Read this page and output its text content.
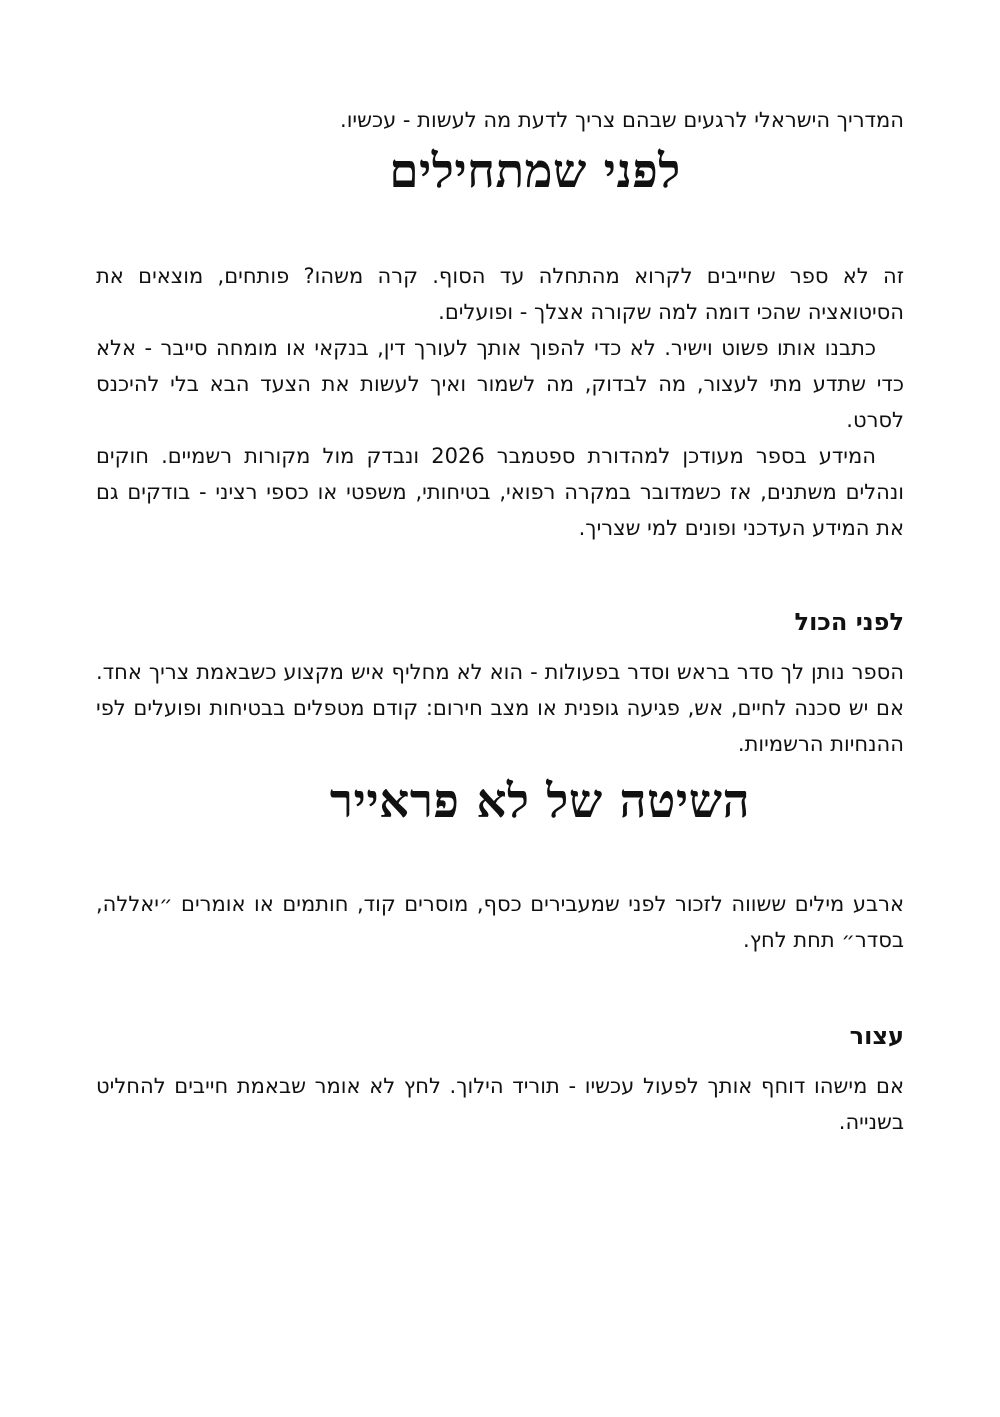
המדריך הישראלי לרגעים שבהם צריך לדעת מה לעשות - עכשיו.

לפני שמתחילים

זה לא ספר שחייבים לקרוא מהתחלה עד הסוף. קרה משהו? פותחים, מוצאים את הסיטואציה שהכי דומה למה שקורה אצלך - ופועלים.

כתבנו אותו פשוט וישיר. לא כדי להפוך אותך לעורך דין, בנקאי או מומחה סייבר - אלא כדי שתדע מתי לעצור, מה לבדוק, מה לשמור ואיך לעשות את הצעד הבא בלי להיכנס לסרט.

המידע בספר מעודכן למהדורת ספטמבר 2026 ונבדק מול מקורות רשמיים. חוקים ונהלים משתנים, אז כשמדובר במקרה רפואי, בטיחותי, משפטי או כספי רציני - בודקים גם את המידע העדכני ופונים למי שצריך.

לפני הכול

הספר נותן לך סדר בראש וסדר בפעולות - הוא לא מחליף איש מקצוע כשבאמת צריך אחד. אם יש סכנה לחיים, אש, פגיעה גופנית או מצב חירום: קודם מטפלים בבטיחות ופועלים לפי ההנחיות הרשמיות.

השיטה של לא פראייר

ארבע מילים ששווה לזכור לפני שמעבירים כסף, מוסרים קוד, חותמים או אומרים ״יאללה, בסדר״ תחת לחץ.

עצור

אם מישהו דוחף אותך לפעול עכשיו - תוריד הילוך. לחץ לא אומר שבאמת חייבים להחליט בשנייה.
